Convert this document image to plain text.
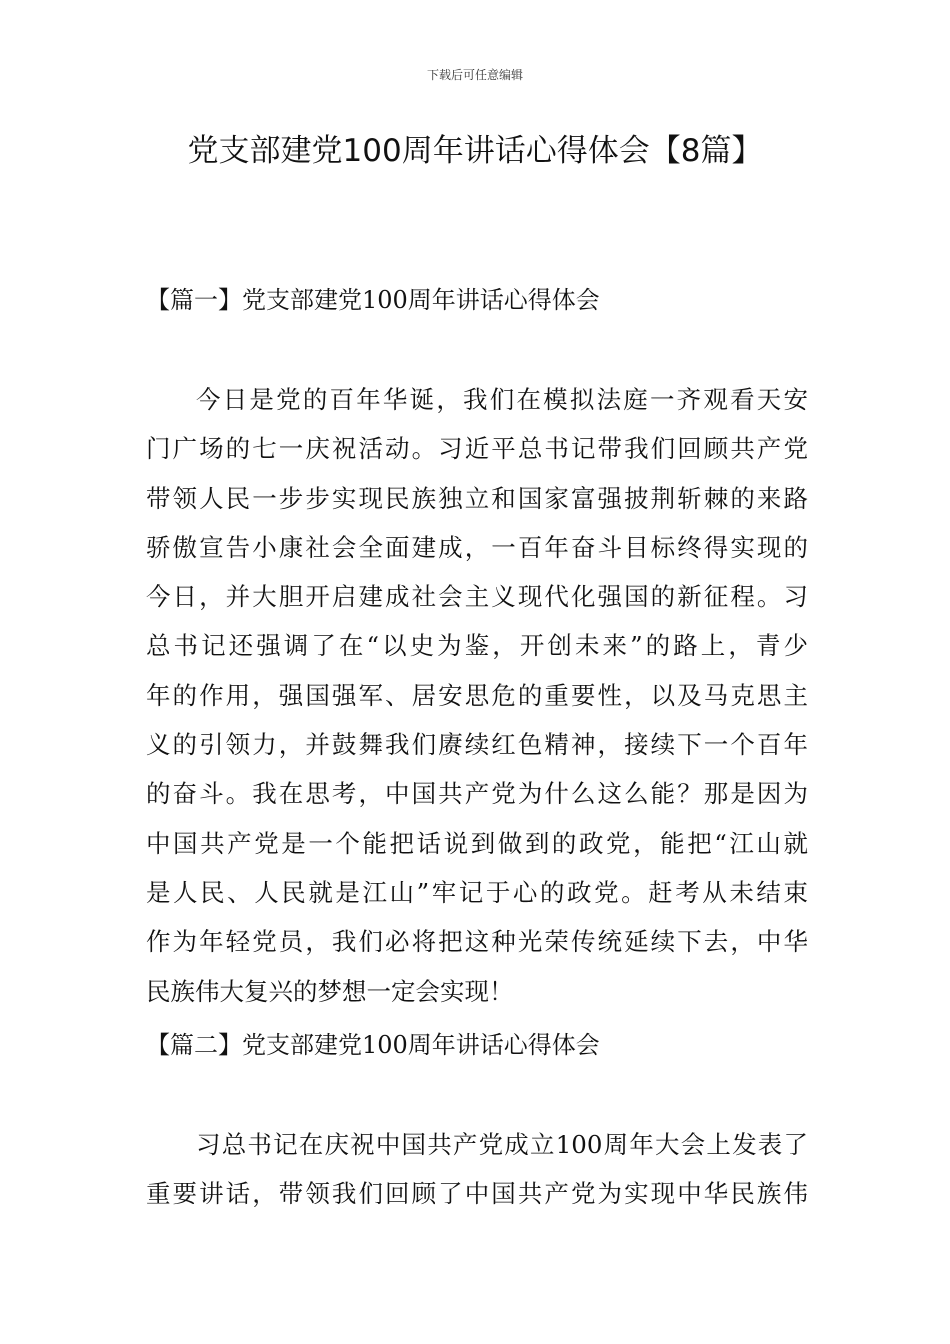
下载后可任意编辑
党支部建党100周年讲话心得体会【8篇】
【篇一】党支部建党100周年讲话心得体会
今日是党的百年华诞，我们在模拟法庭一齐观看天安
门广场的七一庆祝活动。习近平总书记带我们回顾共产党
带领人民一步步实现民族独立和国家富强披荆斩棘的来路
骄傲宣告小康社会全面建成，一百年奋斗目标终得实现的
今日，并大胆开启建成社会主义现代化强国的新征程。习
总书记还强调了在“以史为鉴，开创未来”的路上，青少
年的作用，强国强军、居安思危的重要性，以及马克思主
义的引领力，并鼓舞我们赓续红色精神，接续下一个百年
的奋斗。我在思考，中国共产党为什么这么能？那是因为
中国共产党是一个能把话说到做到的政党，能把“江山就
是人民、人民就是江山”牢记于心的政党。赶考从未结束
作为年轻党员，我们必将把这种光荣传统延续下去，中华
民族伟大复兴的梦想一定会实现！
【篇二】党支部建党100周年讲话心得体会
习总书记在庆祝中国共产党成立100周年大会上发表了
重要讲话，带领我们回顾了中国共产党为实现中华民族伟
